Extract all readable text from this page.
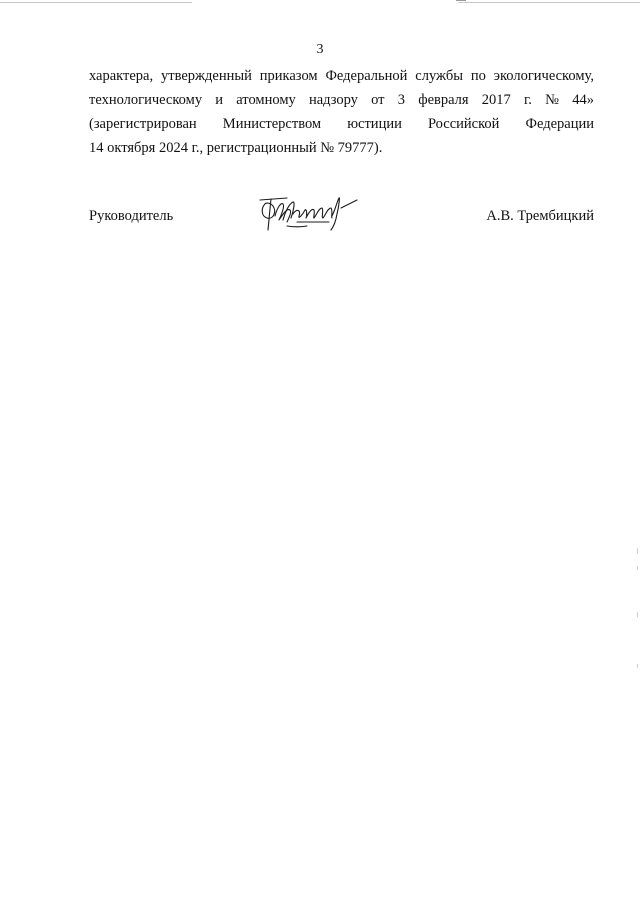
3
характера, утвержденный приказом Федеральной службы по экологическому,
технологическому и атомному надзору от 3 февраля 2017 г. № 44»
(зарегистрирован Министерством юстиции Российской Федерации
14 октября 2024 г., регистрационный № 79777).
Руководитель	А.В. Трембицкий
